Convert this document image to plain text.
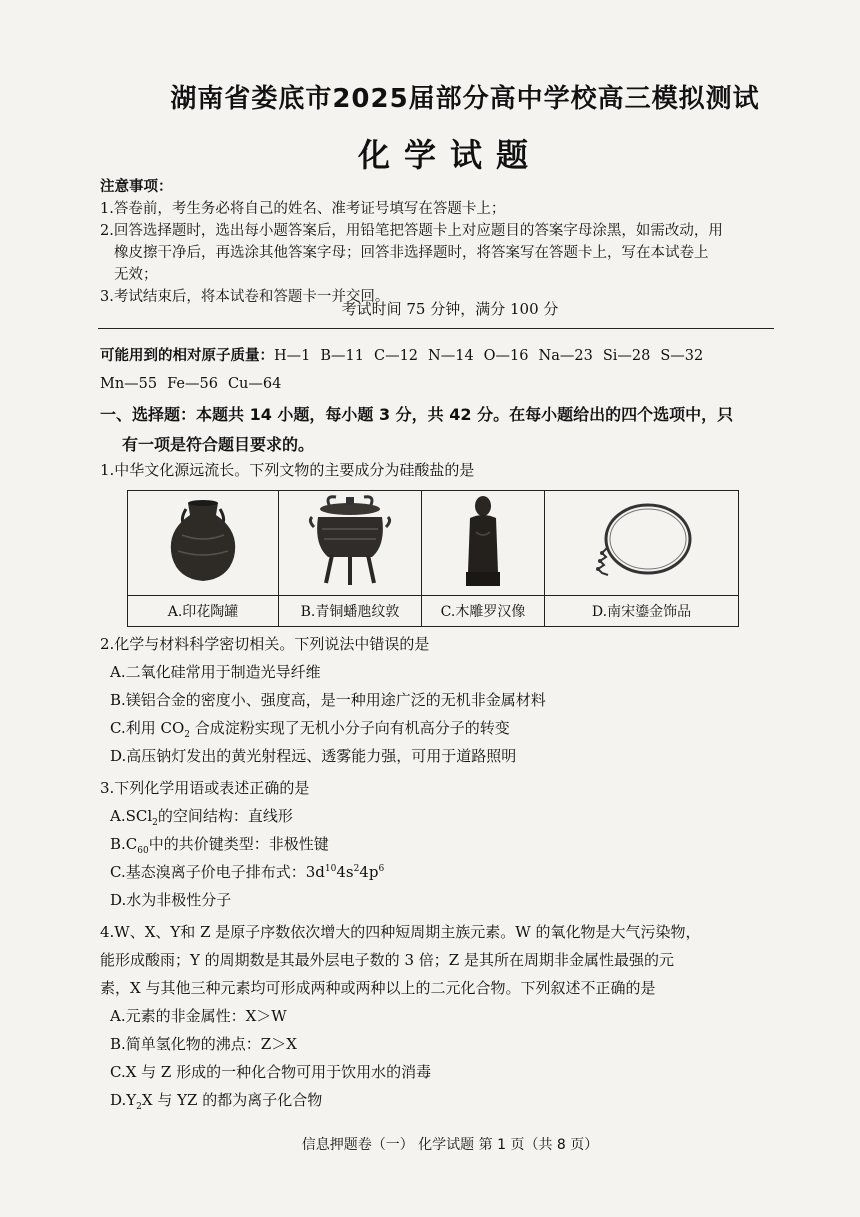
湖南省娄底市2025届部分高中学校高三模拟测试
化学试题
注意事项：

1.答卷前，考生务必将自己的姓名、准考证号填写在答题卡上；

2.回答选择题时，选出每小题答案后，用铅笔把答题卡上对应题目的答案字母涂黑，如需改动，用

橡皮擦干净后，再选涂其他答案字母；回答非选择题时，将答案写在答题卡上，写在本试卷上

无效；

3.考试结束后，将本试卷和答题卡一并交回。

考试时间 75 分钟，满分 100 分
可能用到的相对原子质量：H—1 B—11 C—12 N—14 O—16 Na—23 Si—28 S—32
Mn—55 Fe—56 Cu—64
一、选择题：本题共 14 小题，每小题 3 分，共 42 分。在每小题给出的四个选项中，只
有一项是符合题目要求的。

1.中华文化源远流长。下列文物的主要成分为硅酸盐的是

A.印花陶罐	B.青铜蟠虺纹敦	C.木雕罗汉像	D.南宋鎏金饰品

2.化学与材料科学密切相关。下列说法中错误的是

A.二氧化硅常用于制造光导纤维

B.镁铝合金的密度小、强度高，是一种用途广泛的无机非金属材料

C.利用 $CO_2$ 合成淀粉实现了无机小分子向有机高分子的转变

D.高压钠灯发出的黄光射程远、透雾能力强，可用于道路照明

3.下列化学用语或表述正确的是

A.SCl$_2$的空间结构：直线形

$B.C_{60}$中的共价键类型：非极性键

C.基态溴离子价电子排布式：$3d^{10}4s^24p^6$

D.水为非极性分子

4.W、X、Y和 Z 是原子序数依次增大的四种短周期主族元素。W 的氧化物是大气污染物，

能形成酸雨；Y 的周期数是其最外层电子数的 3 倍；Z 是其所在周期非金属性最强的元

素，X 与其他三种元素均可形成两种或两种以上的二元化合物。下列叙述不正确的是

A.元素的非金属性：X＞W

B.简单氢化物的沸点：Z＞X

C.X 与 Z 形成的一种化合物可用于饮用水的消毒

$D.Y_2X$ 与 YZ 的都为离子化合物

信息押题卷（一） 化学试题 第 1 页（共 8 页）
